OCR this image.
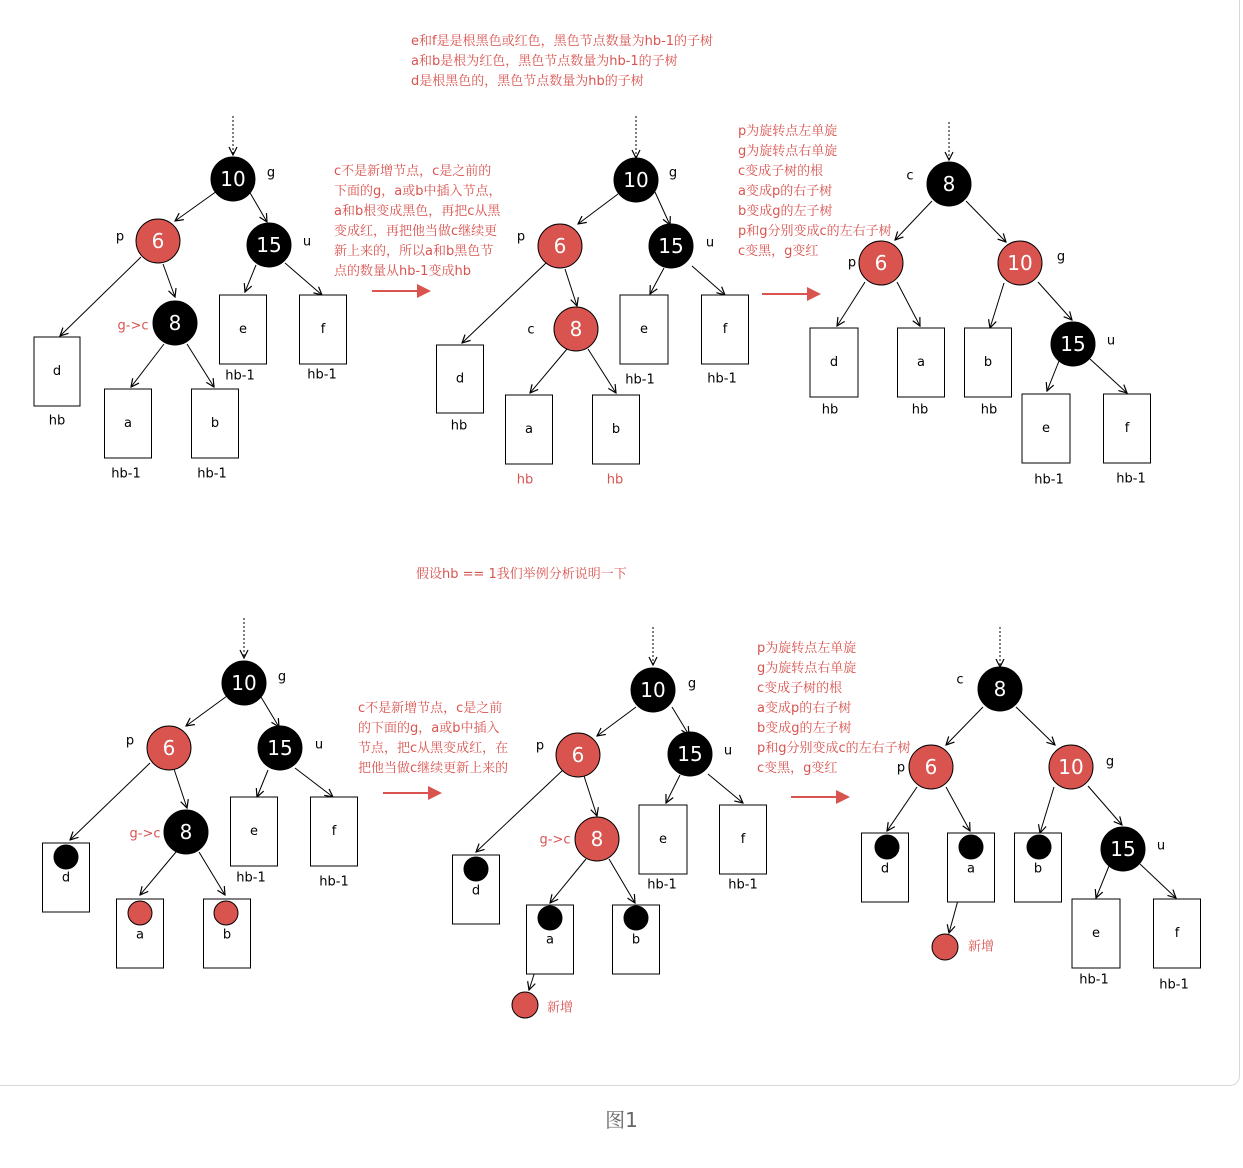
10
6	15
8
g
p	u
g->c
d
hb
e
hb-1
f
hb-1
a
hb-1
b
hb-1
10
6	15
8
g
p	u
c
d
hb
e
hb-1
f
hb-1
a
hb
b
hb
8
6	10
15
c
p	g
u
d
hb
a
hb
b
hb
e
hb-1
f
hb-1
10
6	15
8
g
p	u
g->c
d
e
hb-1
f
hb-1
a	b
10
6	15
8
g
p	u
g->c
d
e
hb-1
f
hb-1
a	b
新增
8
6	10
15
c
p	g
u
d	a	b
e
hb-1
f
hb-1
新增
e和f是是根黑色或红色，黑色节点数量为hb-1的子树
a和b是根为红色，黑色节点数量为hb-1的子树
d是根黑色的，黑色节点数量为hb的子树
c不是新增节点，c是之前的
下面的g，a或b中插入节点，
a和b根变成黑色，再把c从黑
变成红，再把他当做c继续更
新上来的，所以a和b黑色节
点的数量从hb-1变成hb
p为旋转点左单旋
g为旋转点右单旋
c变成子树的根
a变成p的右子树
b变成g的左子树
p和g分别变成c的左右子树
c变黑，g变红
假设hb == 1我们举例分析说明一下
c不是新增节点，c是之前
的下面的g，a或b中插入
节点，把c从黑变成红，在
把他当做c继续更新上来的
p为旋转点左单旋
g为旋转点右单旋
c变成子树的根
a变成p的右子树
b变成g的左子树
p和g分别变成c的左右子树
c变黑，g变红
图1
